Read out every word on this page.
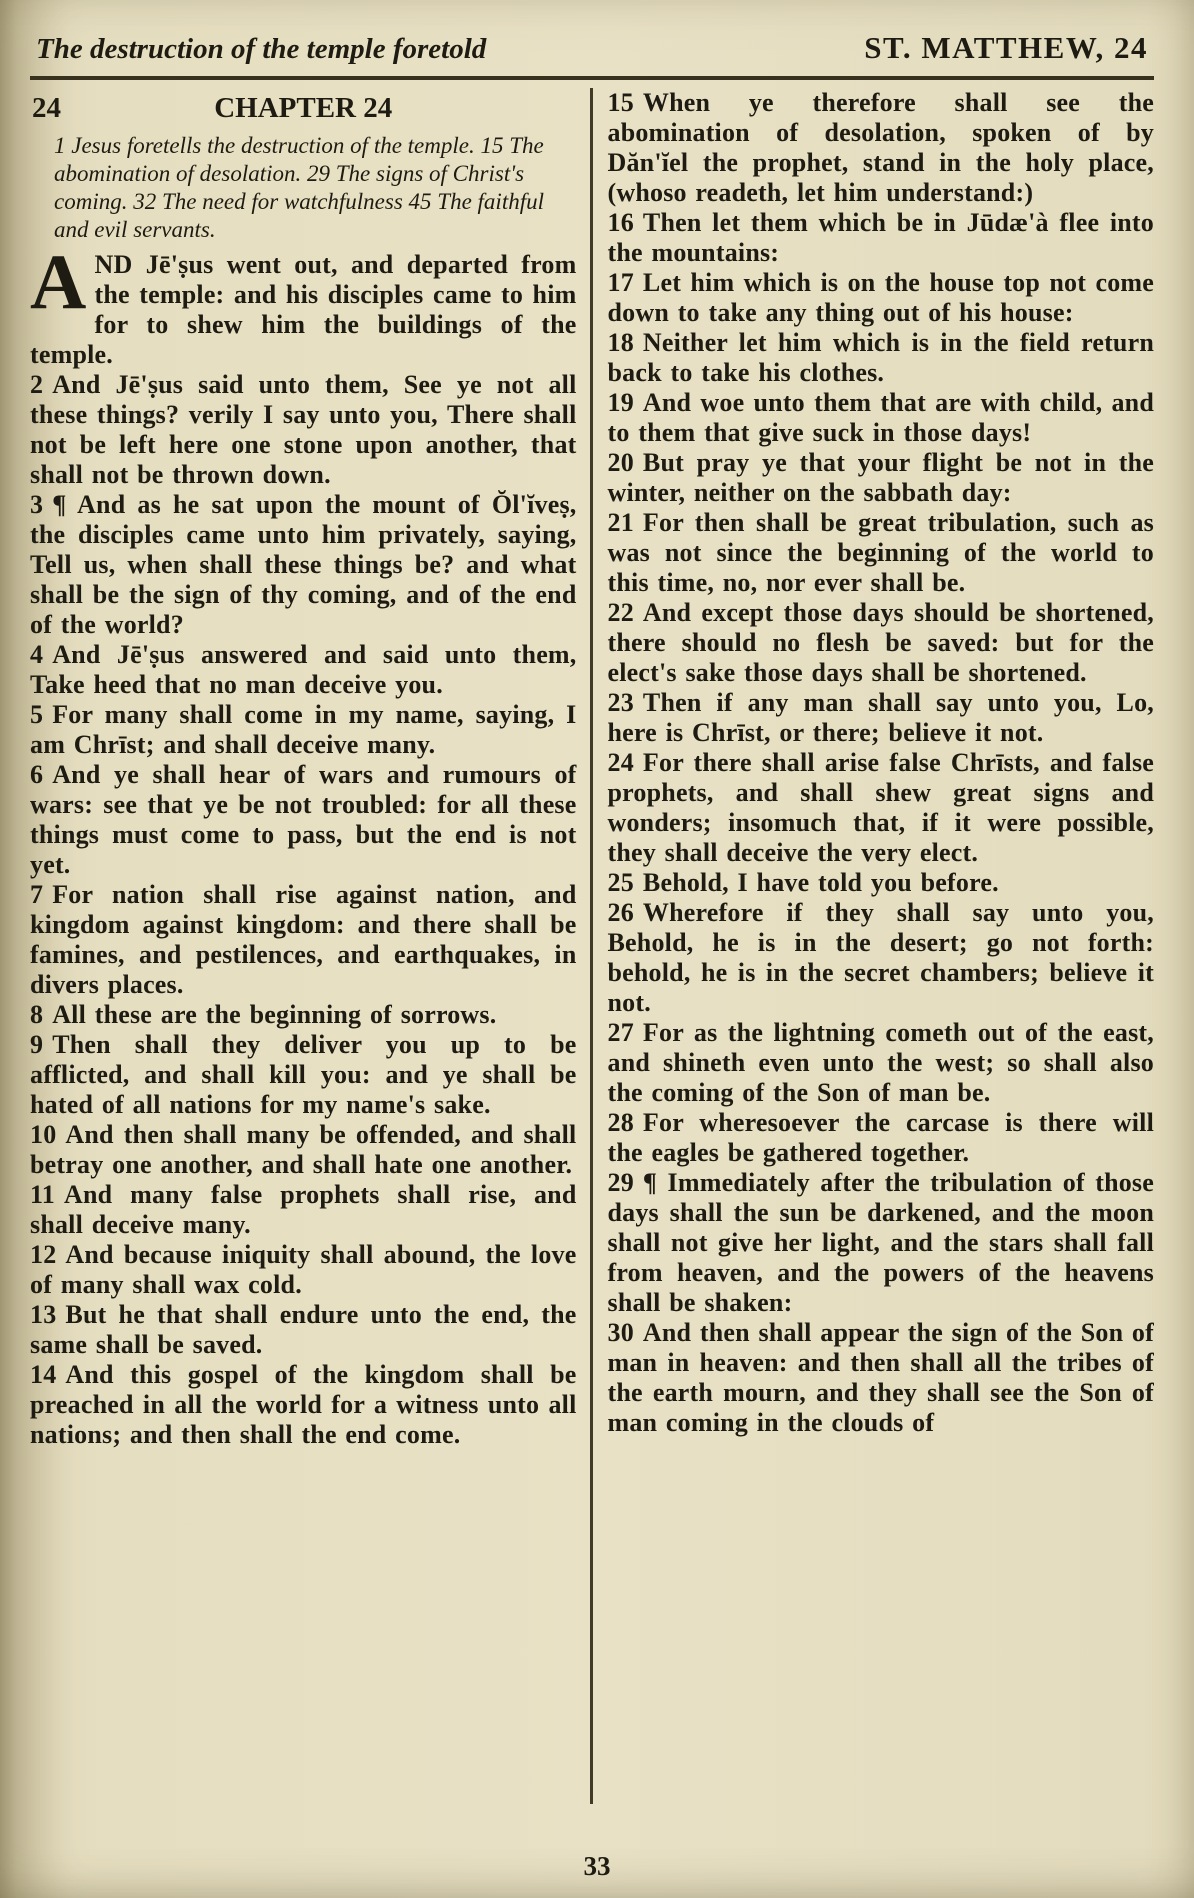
The destruction of the temple foretold	ST. MATTHEW, 24
24	CHAPTER 24

1 Jesus foretells the destruction of the temple. 15 The abomination of desolation. 29 The signs of Christ's coming. 32 The need for watchfulness 45 The faithful and evil servants.

AND Jē'ṣus went out, and departed from the temple: and his disciples came to him for to shew him the buildings of the temple.

2 And Jē'ṣus said unto them, See ye not all these things? verily I say unto you, There shall not be left here one stone upon another, that shall not be thrown down.

3 ¶ And as he sat upon the mount of Ŏl'ĭveṣ, the disciples came unto him privately, saying, Tell us, when shall these things be? and what shall be the sign of thy coming, and of the end of the world?

4 And Jē'ṣus answered and said unto them, Take heed that no man deceive you.

5 For many shall come in my name, saying, I am Chrīst; and shall deceive many.

6 And ye shall hear of wars and rumours of wars: see that ye be not troubled: for all these things must come to pass, but the end is not yet.

7 For nation shall rise against nation, and kingdom against kingdom: and there shall be famines, and pestilences, and earthquakes, in divers places.

8 All these are the beginning of sorrows.

9 Then shall they deliver you up to be afflicted, and shall kill you: and ye shall be hated of all nations for my name's sake.

10 And then shall many be offended, and shall betray one another, and shall hate one another.

11 And many false prophets shall rise, and shall deceive many.

12 And because iniquity shall abound, the love of many shall wax cold.

13 But he that shall endure unto the end, the same shall be saved.

14 And this gospel of the kingdom shall be preached in all the world for a witness unto all nations; and then shall the end come.

15 When ye therefore shall see the abomination of desolation, spoken of by Dăn'ĭel the prophet, stand in the holy place, (whoso readeth, let him understand:)

16 Then let them which be in Jūdæ'à flee into the mountains:

17 Let him which is on the house top not come down to take any thing out of his house:

18 Neither let him which is in the field return back to take his clothes.

19 And woe unto them that are with child, and to them that give suck in those days!

20 But pray ye that your flight be not in the winter, neither on the sabbath day:

21 For then shall be great tribulation, such as was not since the beginning of the world to this time, no, nor ever shall be.

22 And except those days should be shortened, there should no flesh be saved: but for the elect's sake those days shall be shortened.

23 Then if any man shall say unto you, Lo, here is Chrīst, or there; believe it not.

24 For there shall arise false Chrīsts, and false prophets, and shall shew great signs and wonders; insomuch that, if it were possible, they shall deceive the very elect.

25 Behold, I have told you before.

26 Wherefore if they shall say unto you, Behold, he is in the desert; go not forth: behold, he is in the secret chambers; believe it not.

27 For as the lightning cometh out of the east, and shineth even unto the west; so shall also the coming of the Son of man be.

28 For wheresoever the carcase is there will the eagles be gathered together.

29 ¶ Immediately after the tribulation of those days shall the sun be darkened, and the moon shall not give her light, and the stars shall fall from heaven, and the powers of the heavens shall be shaken:

30 And then shall appear the sign of the Son of man in heaven: and then shall all the tribes of the earth mourn, and they shall see the Son of man coming in the clouds of

33
